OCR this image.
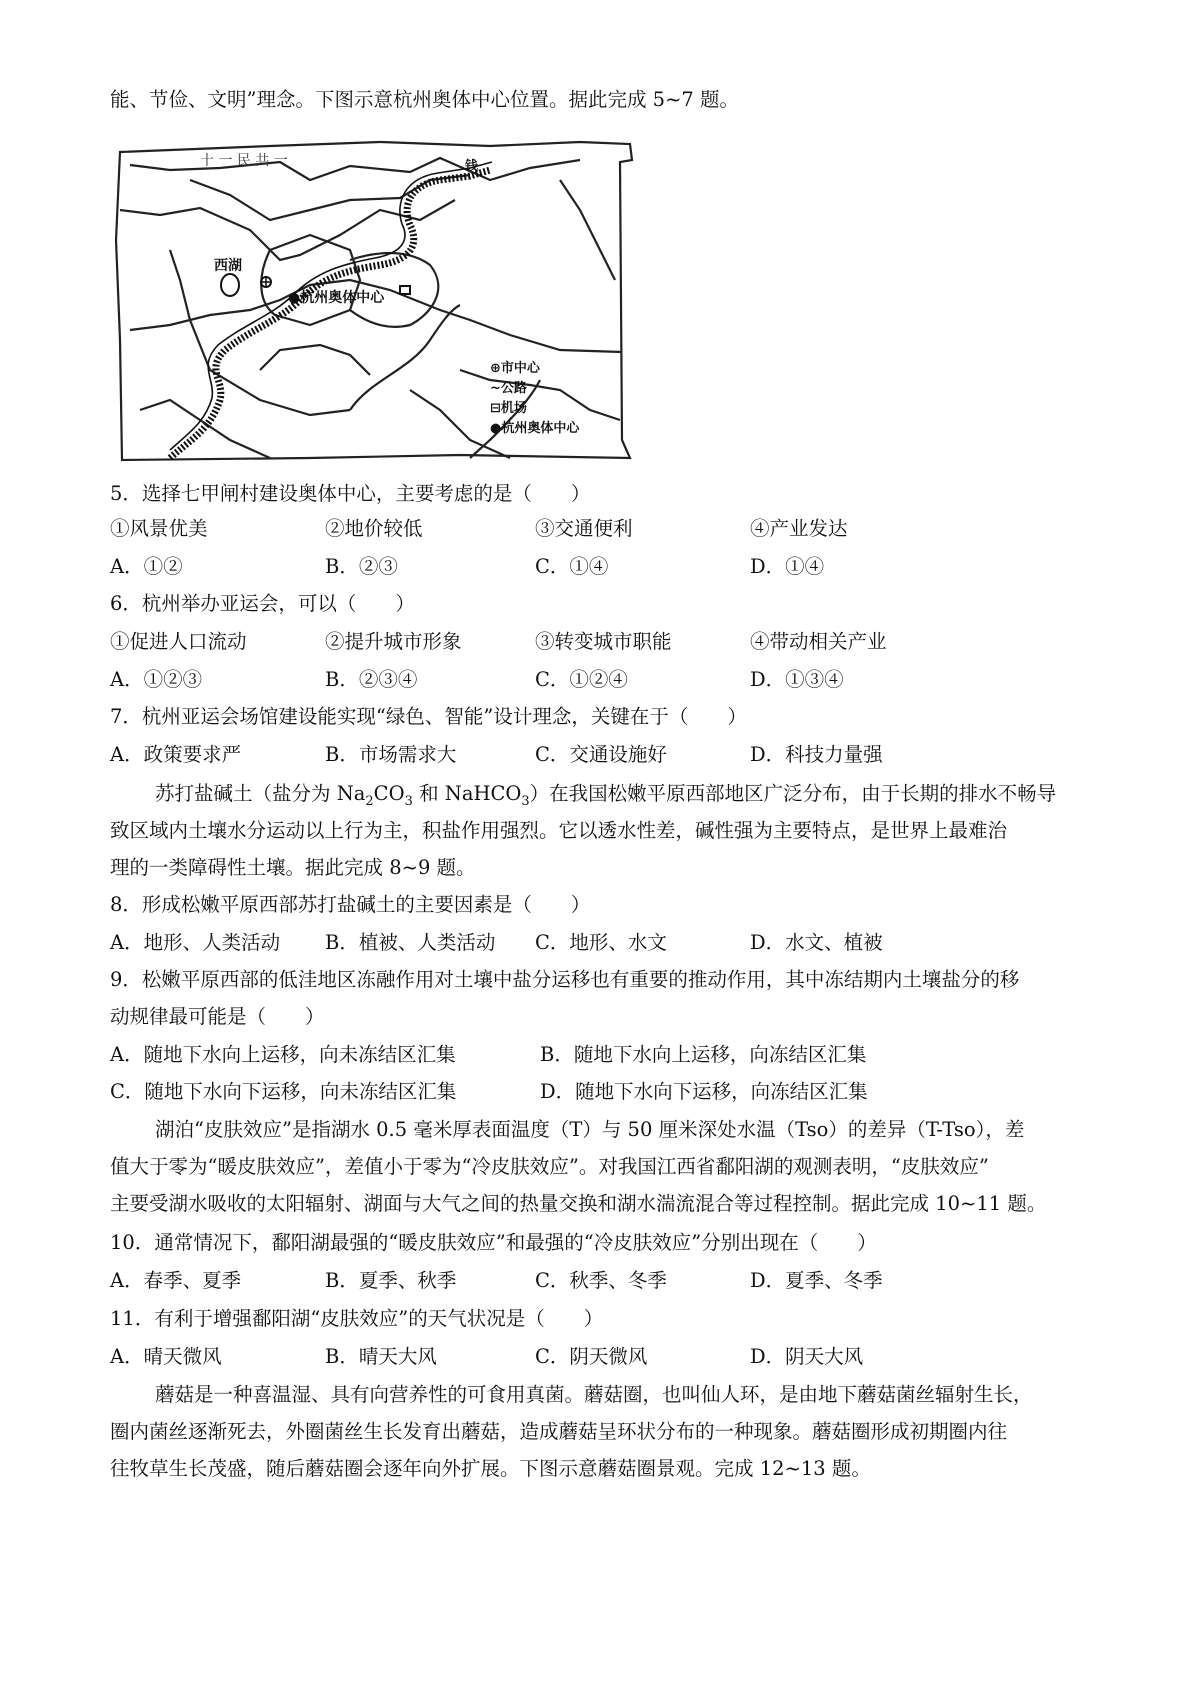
能、节俭、文明”理念。下图示意杭州奥体中心位置。据此完成 5~7 题。
钱
十 一 民 共 一
西湖
●杭州奥体中心
⊕市中心
~公路
⊟机场
●杭州奥体中心
5．选择七甲闸村建设奥体中心，主要考虑的是（　　）
①风景优美	②地价较低	③交通便利	④产业发达
A．①②	B．②③	C．①④	D．①④
6．杭州举办亚运会，可以（　　）
①促进人口流动	②提升城市形象	③转变城市职能	④带动相关产业
A．①②③	B．②③④	C．①②④	D．①③④
7．杭州亚运会场馆建设能实现“绿色、智能”设计理念，关键在于（　　）
A．政策要求严	B．市场需求大	C．交通设施好	D．科技力量强
苏打盐碱土（盐分为 $Na_2CO_3$ 和 NaHCO$_3$）在我国松嫩平原西部地区广泛分布，由于长期的排水不畅导
致区域内土壤水分运动以上行为主，积盐作用强烈。它以透水性差，碱性强为主要特点，是世界上最难治
理的一类障碍性土壤。据此完成 8~9 题。
8．形成松嫩平原西部苏打盐碱土的主要因素是（　　）
A．地形、人类活动 B．植被、人类活动 C．地形、水文	D．水文、植被
9．松嫩平原西部的低洼地区冻融作用对土壤中盐分运移也有重要的推动作用，其中冻结期内土壤盐分的移
动规律最可能是（　　）
A．随地下水向上运移，向未冻结区汇集	B．随地下水向上运移，向冻结区汇集
C．随地下水向下运移，向未冻结区汇集	D．随地下水向下运移，向冻结区汇集
湖泊“皮肤效应”是指湖水 0.5 毫米厚表面温度（T）与 50 厘米深处水温（Tso）的差异（T-Tso），差
值大于零为“暖皮肤效应”，差值小于零为“冷皮肤效应”。对我国江西省鄱阳湖的观测表明，“皮肤效应”
主要受湖水吸收的太阳辐射、湖面与大气之间的热量交换和湖水湍流混合等过程控制。据此完成 10~11 题。
10．通常情况下，鄱阳湖最强的“暖皮肤效应”和最强的“冷皮肤效应”分别出现在（　　）
A．春季、夏季	B．夏季、秋季	C．秋季、冬季	D．夏季、冬季
11．有利于增强鄱阳湖“皮肤效应”的天气状况是（　　）
A．晴天微风	B．晴天大风	C．阴天微风	D．阴天大风
蘑菇是一种喜温湿、具有向营养性的可食用真菌。蘑菇圈，也叫仙人环，是由地下蘑菇菌丝辐射生长，
圈内菌丝逐渐死去，外圈菌丝生长发育出蘑菇，造成蘑菇呈环状分布的一种现象。蘑菇圈形成初期圈内往
往牧草生长茂盛，随后蘑菇圈会逐年向外扩展。下图示意蘑菇圈景观。完成 12~13 题。
